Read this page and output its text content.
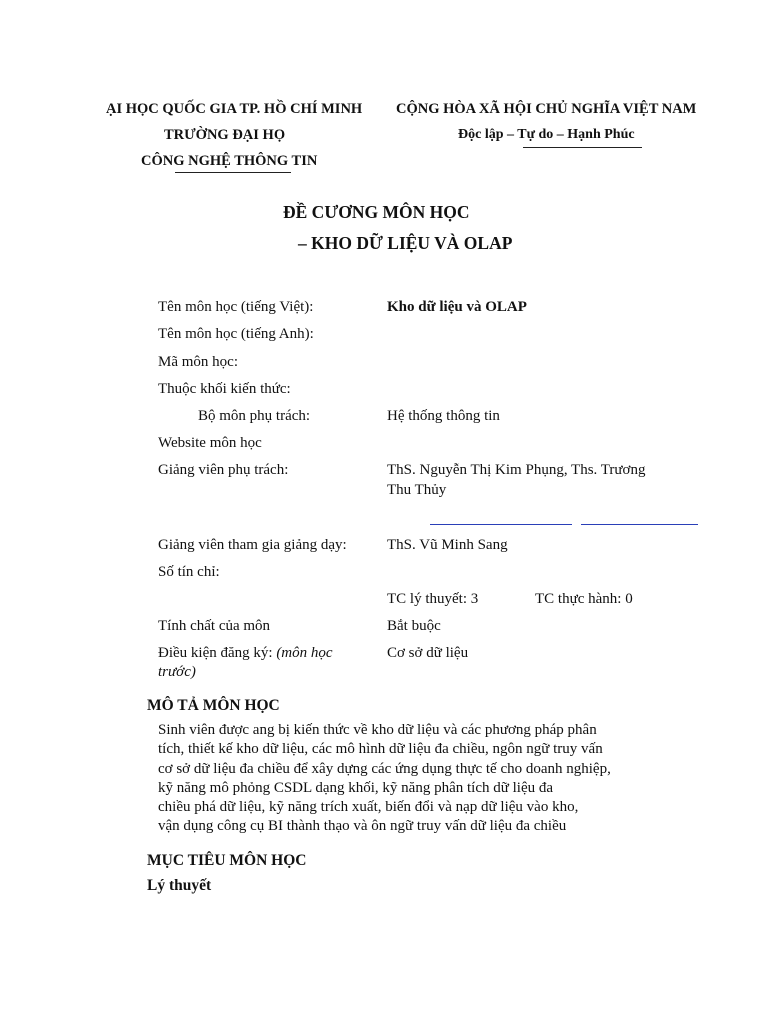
ẠI HỌC QUỐC GIA TP. HỒ CHÍ MINH
TRƯỜNG ĐẠI HỌ
CÔNG NGHỆ THÔNG TIN
CỘNG HÒA XÃ HỘI CHỦ NGHĨA VIỆT NAM
Độc lập – Tự do – Hạnh Phúc
ĐỀ CƯƠNG MÔN HỌC
– KHO DỮ LIỆU VÀ OLAP
Tên môn học (tiếng Việt):	Kho dữ liệu và OLAP
Tên môn học (tiếng Anh):
Mã môn học:
Thuộc khối kiến thức:
Bộ môn phụ trách:	Hệ thống thông tin
Website môn học
Giảng viên phụ trách:	ThS. Nguyễn Thị Kim Phụng, Ths. Trương
Thu Thủy
Giảng viên tham gia giảng dạy:	ThS. Vũ Minh Sang
Số tín chỉ:
TC lý thuyết: 3	TC thực hành: 0
Tính chất của môn	Bắt buộc
Điều kiện đăng ký: (môn học	Cơ sở dữ liệu
trước)
MÔ TẢ MÔN HỌC
Sinh viên được ang bị kiến thức về kho dữ liệu và các phương pháp phân
tích, thiết kế kho dữ liệu, các mô hình dữ liệu đa chiều, ngôn ngữ truy vấn
cơ sở dữ liệu đa chiều để xây dựng các ứng dụng thực tế cho doanh nghiệp,
kỹ năng mô phỏng CSDL dạng khối, kỹ năng phân tích dữ liệu đa
chiều phá dữ liệu, kỹ năng trích xuất, biến đổi và nạp dữ liệu vào kho,
vận dụng công cụ BI thành thạo và ôn ngữ truy vấn dữ liệu đa chiều
MỤC TIÊU MÔN HỌC
Lý thuyết
